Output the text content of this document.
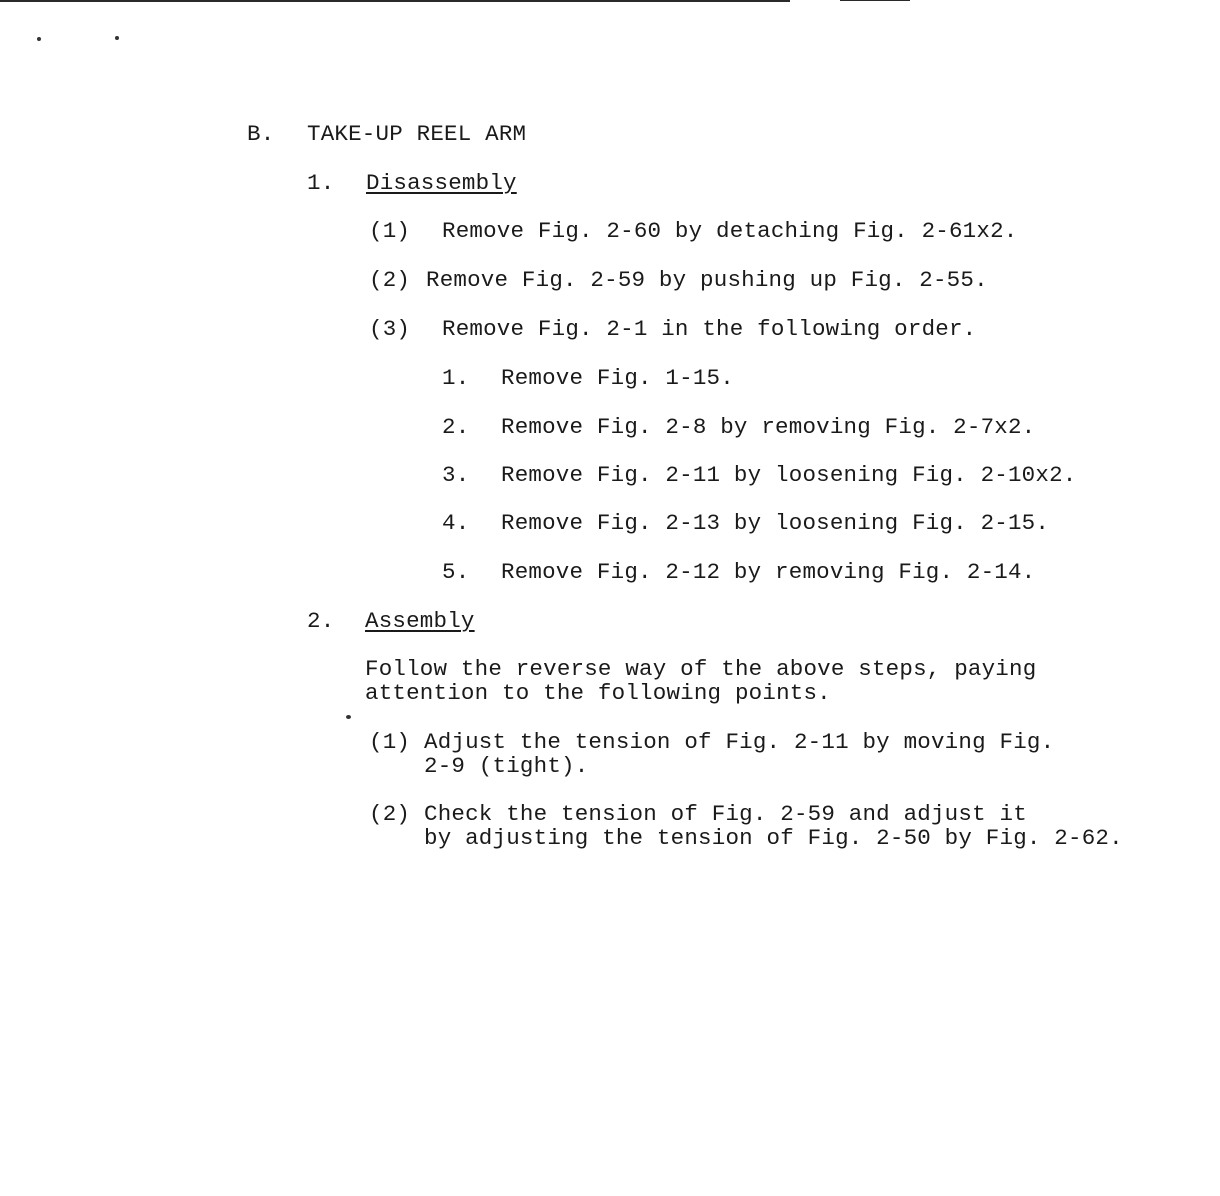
B. TAKE-UP REEL ARM
1. Disassembly
(1) Remove Fig. 2-60 by detaching Fig. 2-61x2.
(2) Remove Fig. 2-59 by pushing up Fig. 2-55.
(3) Remove Fig. 2-1 in the following order.
1. Remove Fig. 1-15.
2. Remove Fig. 2-8 by removing Fig. 2-7x2.
3. Remove Fig. 2-11 by loosening Fig. 2-10x2.
4. Remove Fig. 2-13 by loosening Fig. 2-15.
5. Remove Fig. 2-12 by removing Fig. 2-14.
2. Assembly
Follow the reverse way of the above steps, paying
attention to the following points.
(1) Adjust the tension of Fig. 2-11 by moving Fig.
2-9 (tight).
(2) Check the tension of Fig. 2-59 and adjust it
by adjusting the tension of Fig. 2-50 by Fig. 2-62.
